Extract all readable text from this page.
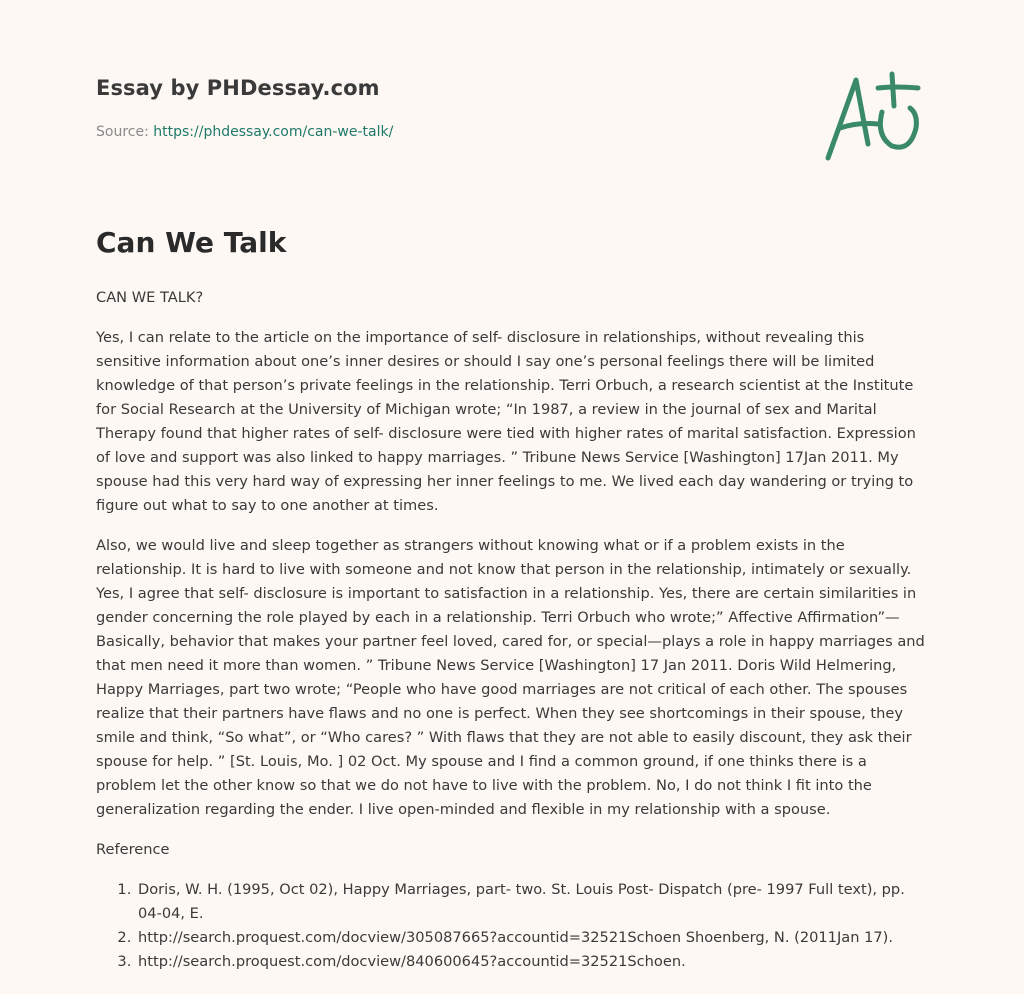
Essay by PHDessay.com

Source: https://phdessay.com/can-we-talk/

Can We Talk

CAN WE TALK?

Yes, I can relate to the article on the importance of self- disclosure in relationships, without revealing this sensitive information about one’s inner desires or should I say one’s personal feelings there will be limited knowledge of that person’s private feelings in the relationship. Terri Orbuch, a research scientist at the Institute for Social Research at the University of Michigan wrote; “In 1987, a review in the journal of sex and Marital Therapy found that higher rates of self- disclosure were tied with higher rates of marital satisfaction. Expression of love and support was also linked to happy marriages. ” Tribune News Service [Washington] 17Jan 2011. My spouse had this very hard way of expressing her inner feelings to me. We lived each day wandering or trying to figure out what to say to one another at times.

Also, we would live and sleep together as strangers without knowing what or if a problem exists in the relationship. It is hard to live with someone and not know that person in the relationship, intimately or sexually. Yes, I agree that self- disclosure is important to satisfaction in a relationship. Yes, there are certain similarities in gender concerning the role played by each in a relationship. Terri Orbuch who wrote;” Affective Affirmation”—Basically, behavior that makes your partner feel loved, cared for, or special—plays a role in happy marriages and that men need it more than women. ” Tribune News Service [Washington] 17 Jan 2011. Doris Wild Helmering, Happy Marriages, part two wrote; “People who have good marriages are not critical of each other. The spouses realize that their partners have flaws and no one is perfect. When they see shortcomings in their spouse, they smile and think, “So what”, or “Who cares? ” With flaws that they are not able to easily discount, they ask their spouse for help. ” [St. Louis, Mo. ] 02 Oct. My spouse and I find a common ground, if one thinks there is a problem let the other know so that we do not have to live with the problem. No, I do not think I fit into the generalization regarding the ender. I live open-minded and flexible in my relationship with a spouse.

Reference

1. Doris, W. H. (1995, Oct 02), Happy Marriages, part- two. St. Louis Post- Dispatch (pre- 1997 Full text), pp. 04-04, E.
2. http://search.proquest.com/docview/305087665?accountid=32521Schoen Shoenberg, N. (2011Jan 17).
3. http://search.proquest.com/docview/840600645?accountid=32521Schoen.
